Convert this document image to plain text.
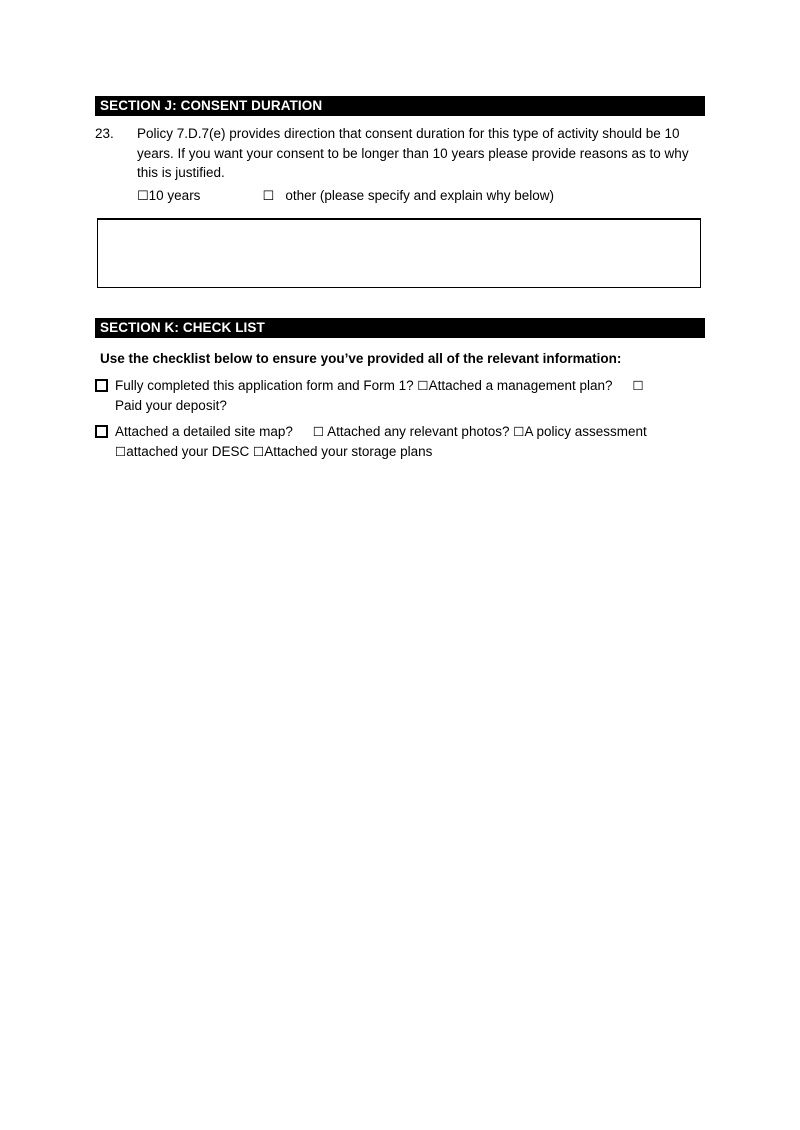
SECTION J: CONSENT DURATION
23.	Policy 7.D.7(e) provides direction that consent duration for this type of activity should be 10 years. If you want your consent to be longer than 10 years please provide reasons as to why this is justified.

☐10 years	☐ other (please specify and explain why below)
SECTION K: CHECK LIST
Use the checklist below to ensure you’ve provided all of the relevant information:
Fully completed this application form and Form 1? ☐Attached a management plan? ☐
Paid your deposit?
Attached a detailed site map? ☐ Attached any relevant photos? ☐A policy assessment
☐attached your DESC ☐Attached your storage plans
